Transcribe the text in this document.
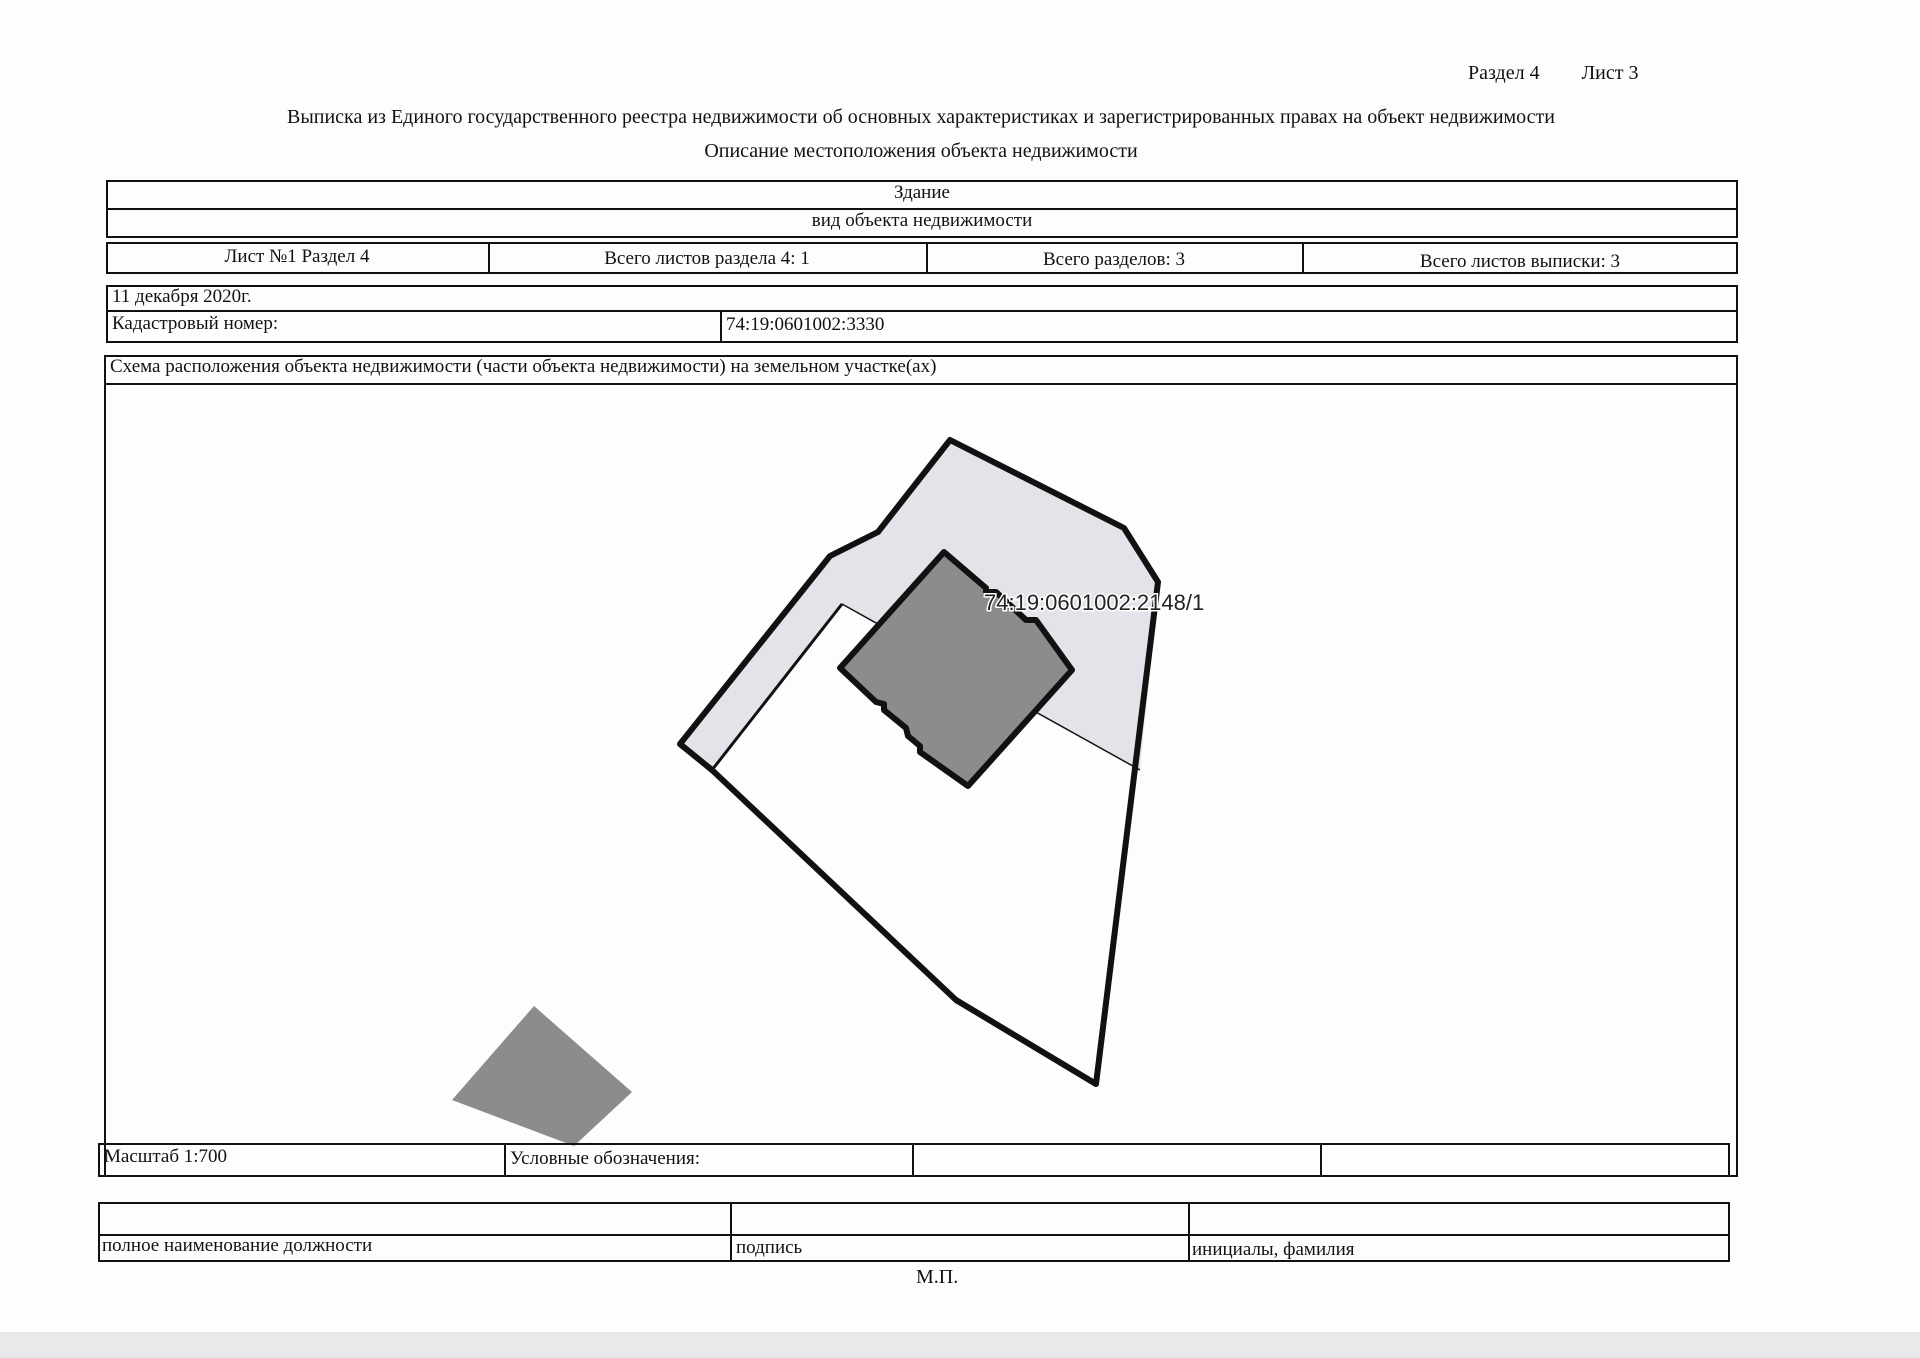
Раздел 4 Лист 3
Выписка из Единого государственного реестра недвижимости об основных характеристиках и зарегистрированных правах на объект недвижимости
Описание местоположения объекта недвижимости
Здание
вид объекта недвижимости
Лист №1 Раздел 4	Всего листов раздела 4: 1	Всего разделов: 3	Всего листов выписки: 3
11 декабря 2020г.
Кадастровый номер:	74:19:0601002:3330
Схема расположения объекта недвижимости (части объекта недвижимости) на земельном участке(ах)
74:19:0601002:2148/1
Масштаб 1:700	Условные обозначения:
полное наименование должности	подпись	инициалы, фамилия
М.П.
